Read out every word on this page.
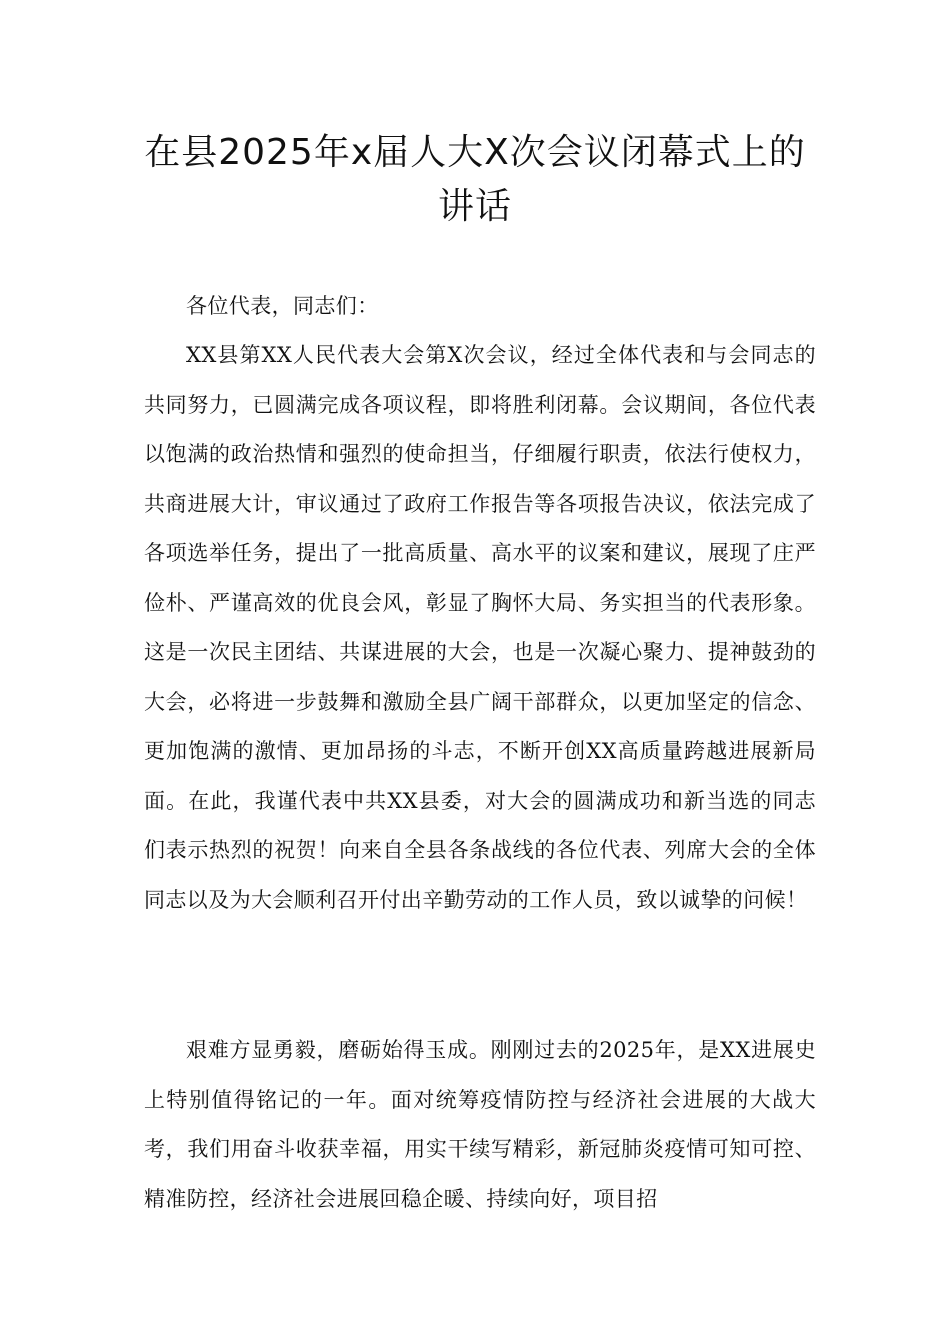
在县2025年x届人大X次会议闭幕式上的讲话

各位代表，同志们：

XX县第XX人民代表大会第X次会议，经过全体代表和与会同志的共同努力，已圆满完成各项议程，即将胜利闭幕。会议期间，各位代表以饱满的政治热情和强烈的使命担当，仔细履行职责，依法行使权力，共商进展大计，审议通过了政府工作报告等各项报告决议，依法完成了各项选举任务，提出了一批高质量、高水平的议案和建议，展现了庄严俭朴、严谨高效的优良会风，彰显了胸怀大局、务实担当的代表形象。这是一次民主团结、共谋进展的大会，也是一次凝心聚力、提神鼓劲的大会，必将进一步鼓舞和激励全县广阔干部群众，以更加坚定的信念、更加饱满的激情、更加昂扬的斗志，不断开创XX高质量跨越进展新局面。在此，我谨代表中共XX县委，对大会的圆满成功和新当选的同志们表示热烈的祝贺！向来自全县各条战线的各位代表、列席大会的全体同志以及为大会顺利召开付出辛勤劳动的工作人员，致以诚挚的问候！

艰难方显勇毅，磨砺始得玉成。刚刚过去的2025年，是XX进展史上特别值得铭记的一年。面对统筹疫情防控与经济社会进展的大战大考，我们用奋斗收获幸福，用实干续写精彩，新冠肺炎疫情可知可控、精准防控，经济社会进展回稳企暖、持续向好，项目招
